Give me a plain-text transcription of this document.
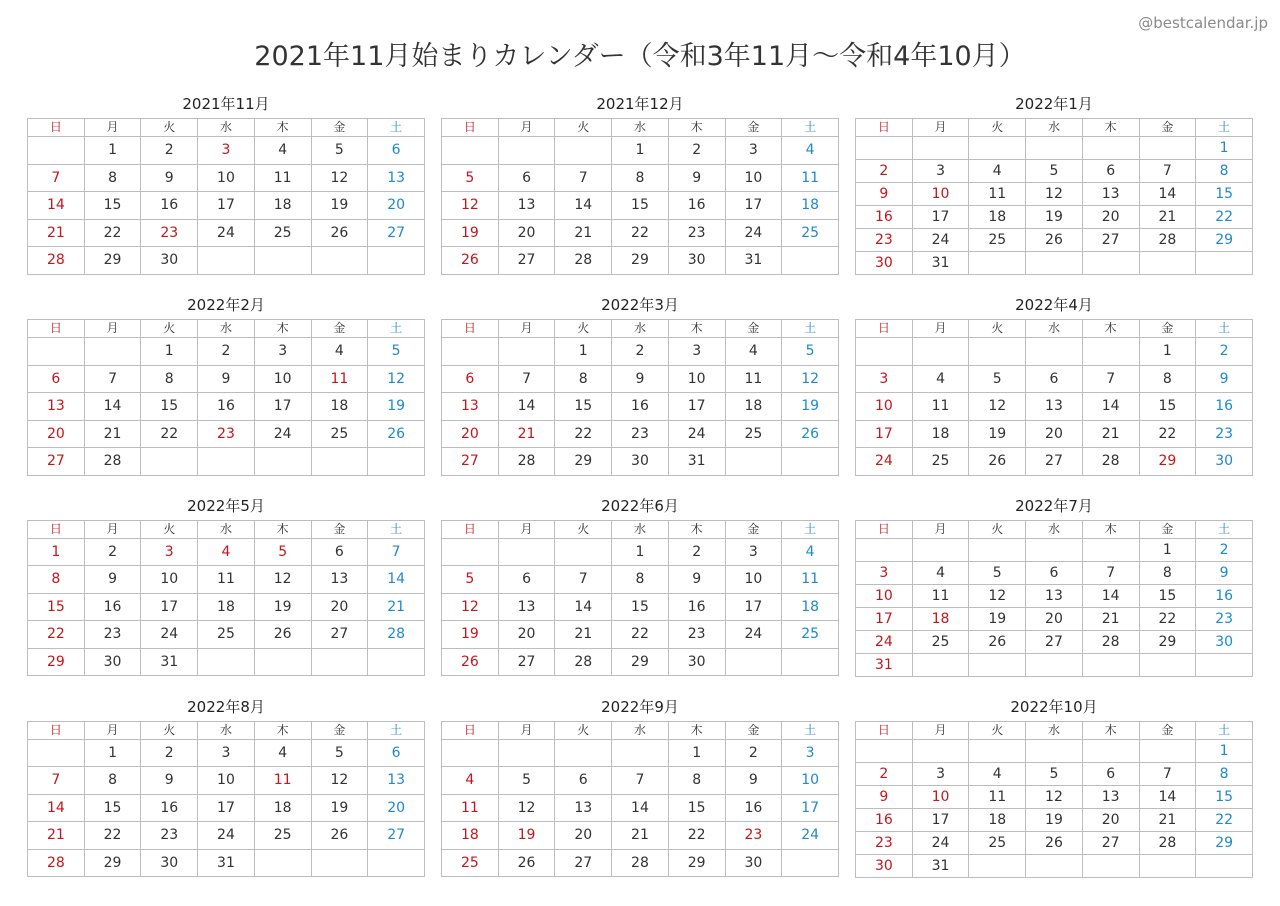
@bestcalendar.jp
2021年11月始まりカレンダー（令和3年11月〜令和4年10月）
2021年11月
日	月	火	水	木	金	土
	1	2	3	4	5	6
7	8	9	10	11	12	13
14	15	16	17	18	19	20
21	22	23	24	25	26	27
28	29	30				
2021年12月
日	月	火	水	木	金	土
			1	2	3	4
5	6	7	8	9	10	11
12	13	14	15	16	17	18
19	20	21	22	23	24	25
26	27	28	29	30	31	
2022年1月
日	月	火	水	木	金	土
						1
2	3	4	5	6	7	8
9	10	11	12	13	14	15
16	17	18	19	20	21	22
23	24	25	26	27	28	29
30	31					
2022年2月
日	月	火	水	木	金	土
		1	2	3	4	5
6	7	8	9	10	11	12
13	14	15	16	17	18	19
20	21	22	23	24	25	26
27	28					
2022年3月
日	月	火	水	木	金	土
		1	2	3	4	5
6	7	8	9	10	11	12
13	14	15	16	17	18	19
20	21	22	23	24	25	26
27	28	29	30	31		
2022年4月
日	月	火	水	木	金	土
					1	2
3	4	5	6	7	8	9
10	11	12	13	14	15	16
17	18	19	20	21	22	23
24	25	26	27	28	29	30
2022年5月
日	月	火	水	木	金	土
1	2	3	4	5	6	7
8	9	10	11	12	13	14
15	16	17	18	19	20	21
22	23	24	25	26	27	28
29	30	31				
2022年6月
日	月	火	水	木	金	土
			1	2	3	4
5	6	7	8	9	10	11
12	13	14	15	16	17	18
19	20	21	22	23	24	25
26	27	28	29	30		
2022年7月
日	月	火	水	木	金	土
					1	2
3	4	5	6	7	8	9
10	11	12	13	14	15	16
17	18	19	20	21	22	23
24	25	26	27	28	29	30
31						
2022年8月
日	月	火	水	木	金	土
	1	2	3	4	5	6
7	8	9	10	11	12	13
14	15	16	17	18	19	20
21	22	23	24	25	26	27
28	29	30	31			
2022年9月
日	月	火	水	木	金	土
				1	2	3
4	5	6	7	8	9	10
11	12	13	14	15	16	17
18	19	20	21	22	23	24
25	26	27	28	29	30	
2022年10月
日	月	火	水	木	金	土
						1
2	3	4	5	6	7	8
9	10	11	12	13	14	15
16	17	18	19	20	21	22
23	24	25	26	27	28	29
30	31					
